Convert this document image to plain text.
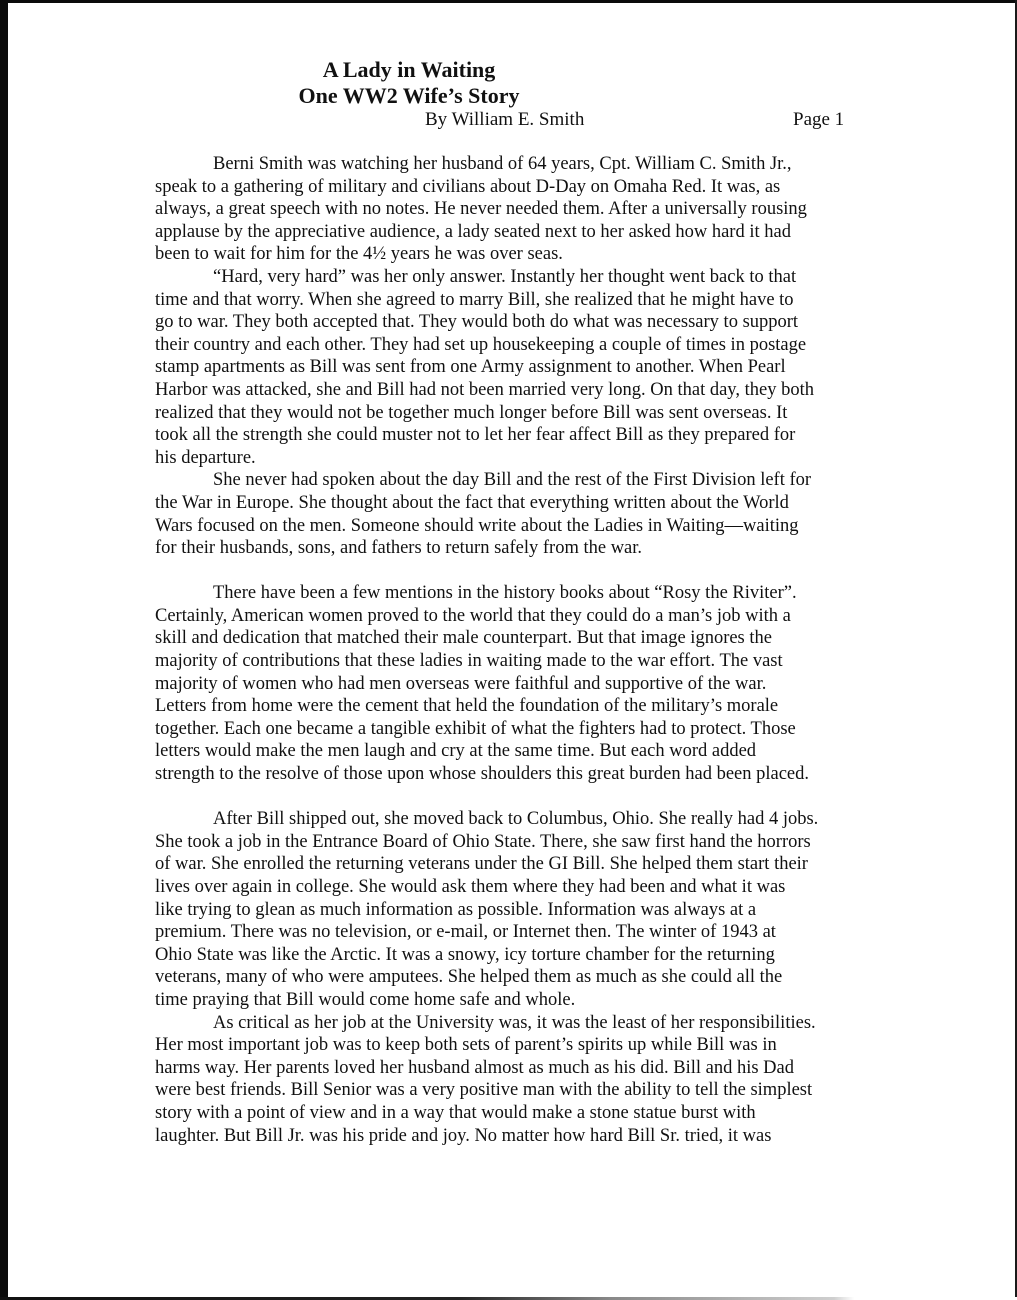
A Lady in Waiting
One WW2 Wife’s Story
By William E. Smith	Page 1

Berni Smith was watching her husband of 64 years, Cpt. William C. Smith Jr.,
speak to a gathering of military and civilians about D-Day on Omaha Red. It was, as
always, a great speech with no notes. He never needed them. After a universally rousing
applause by the appreciative audience, a lady seated next to her asked how hard it had
been to wait for him for the 4½ years he was over seas.

“Hard, very hard” was her only answer. Instantly her thought went back to that
time and that worry. When she agreed to marry Bill, she realized that he might have to
go to war. They both accepted that. They would both do what was necessary to support
their country and each other. They had set up housekeeping a couple of times in postage
stamp apartments as Bill was sent from one Army assignment to another. When Pearl
Harbor was attacked, she and Bill had not been married very long. On that day, they both
realized that they would not be together much longer before Bill was sent overseas. It
took all the strength she could muster not to let her fear affect Bill as they prepared for
his departure.

She never had spoken about the day Bill and the rest of the First Division left for
the War in Europe. She thought about the fact that everything written about the World
Wars focused on the men. Someone should write about the Ladies in Waiting—waiting
for their husbands, sons, and fathers to return safely from the war.

There have been a few mentions in the history books about “Rosy the Riviter”.
Certainly, American women proved to the world that they could do a man’s job with a
skill and dedication that matched their male counterpart. But that image ignores the
majority of contributions that these ladies in waiting made to the war effort. The vast
majority of women who had men overseas were faithful and supportive of the war.
Letters from home were the cement that held the foundation of the military’s morale
together. Each one became a tangible exhibit of what the fighters had to protect. Those
letters would make the men laugh and cry at the same time. But each word added
strength to the resolve of those upon whose shoulders this great burden had been placed.

After Bill shipped out, she moved back to Columbus, Ohio. She really had 4 jobs.
She took a job in the Entrance Board of Ohio State. There, she saw first hand the horrors
of war. She enrolled the returning veterans under the GI Bill. She helped them start their
lives over again in college. She would ask them where they had been and what it was
like trying to glean as much information as possible. Information was always at a
premium. There was no television, or e-mail, or Internet then. The winter of 1943 at
Ohio State was like the Arctic. It was a snowy, icy torture chamber for the returning
veterans, many of who were amputees. She helped them as much as she could all the
time praying that Bill would come home safe and whole.

As critical as her job at the University was, it was the least of her responsibilities.
Her most important job was to keep both sets of parent’s spirits up while Bill was in
harms way. Her parents loved her husband almost as much as his did. Bill and his Dad
were best friends. Bill Senior was a very positive man with the ability to tell the simplest
story with a point of view and in a way that would make a stone statue burst with
laughter. But Bill Jr. was his pride and joy. No matter how hard Bill Sr. tried, it was
